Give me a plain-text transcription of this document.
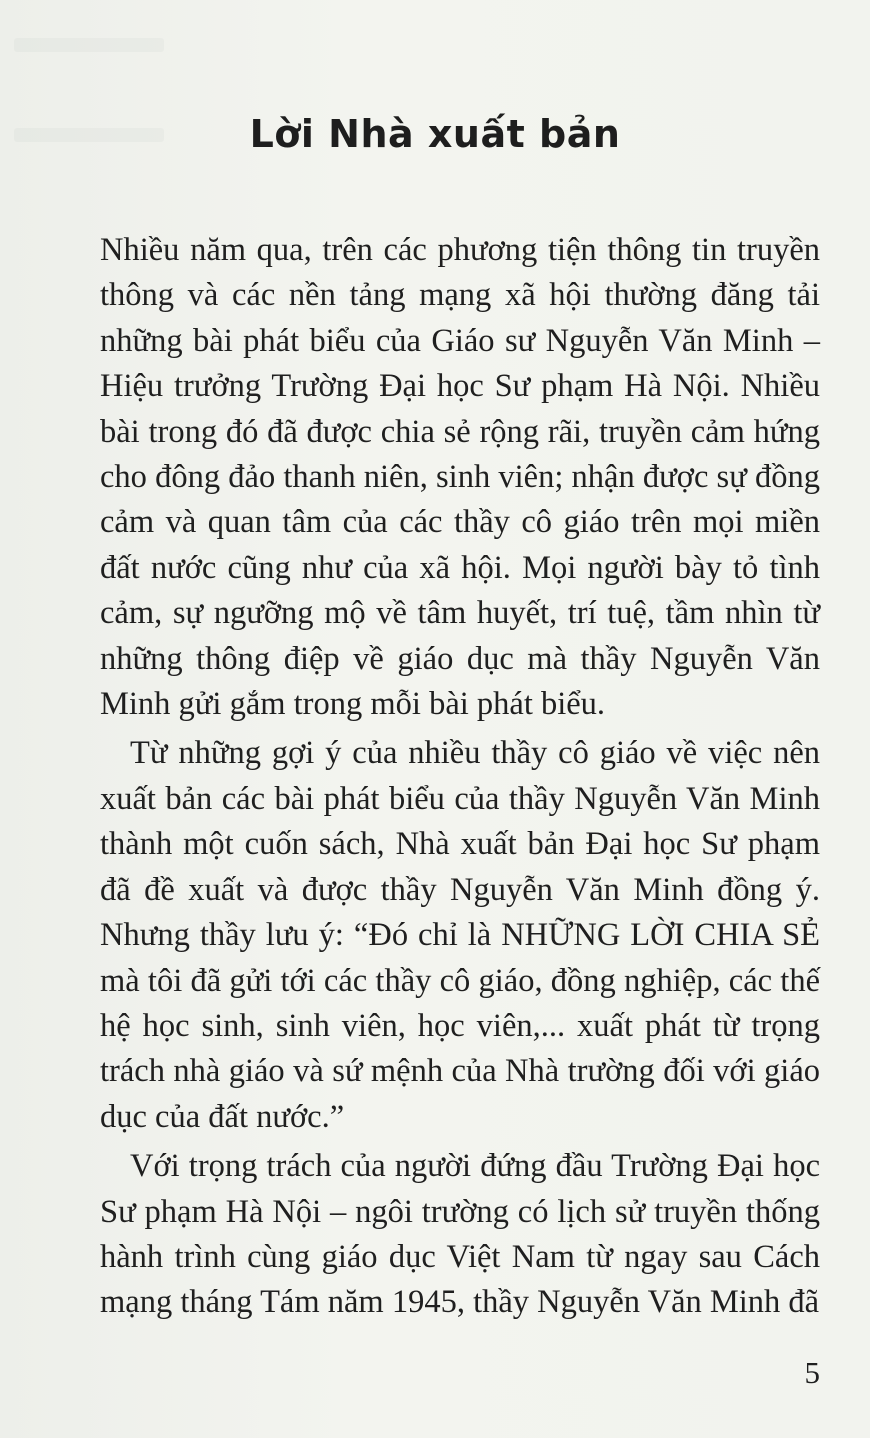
Lời Nhà xuất bản

Nhiều năm qua, trên các phương tiện thông tin truyền thông và các nền tảng mạng xã hội thường đăng tải những bài phát biểu của Giáo sư Nguyễn Văn Minh – Hiệu trưởng Trường Đại học Sư phạm Hà Nội. Nhiều bài trong đó đã được chia sẻ rộng rãi, truyền cảm hứng cho đông đảo thanh niên, sinh viên; nhận được sự đồng cảm và quan tâm của các thầy cô giáo trên mọi miền đất nước cũng như của xã hội. Mọi người bày tỏ tình cảm, sự ngưỡng mộ về tâm huyết, trí tuệ, tầm nhìn từ những thông điệp về giáo dục mà thầy Nguyễn Văn Minh gửi gắm trong mỗi bài phát biểu.

Từ những gợi ý của nhiều thầy cô giáo về việc nên xuất bản các bài phát biểu của thầy Nguyễn Văn Minh thành một cuốn sách, Nhà xuất bản Đại học Sư phạm đã đề xuất và được thầy Nguyễn Văn Minh đồng ý. Nhưng thầy lưu ý: “Đó chỉ là NHỮNG LỜI CHIA SẺ mà tôi đã gửi tới các thầy cô giáo, đồng nghiệp, các thế hệ học sinh, sinh viên, học viên,... xuất phát từ trọng trách nhà giáo và sứ mệnh của Nhà trường đối với giáo dục của đất nước.”

Với trọng trách của người đứng đầu Trường Đại học Sư phạm Hà Nội – ngôi trường có lịch sử truyền thống hành trình cùng giáo dục Việt Nam từ ngay sau Cách mạng tháng Tám năm 1945, thầy Nguyễn Văn Minh đã

5
